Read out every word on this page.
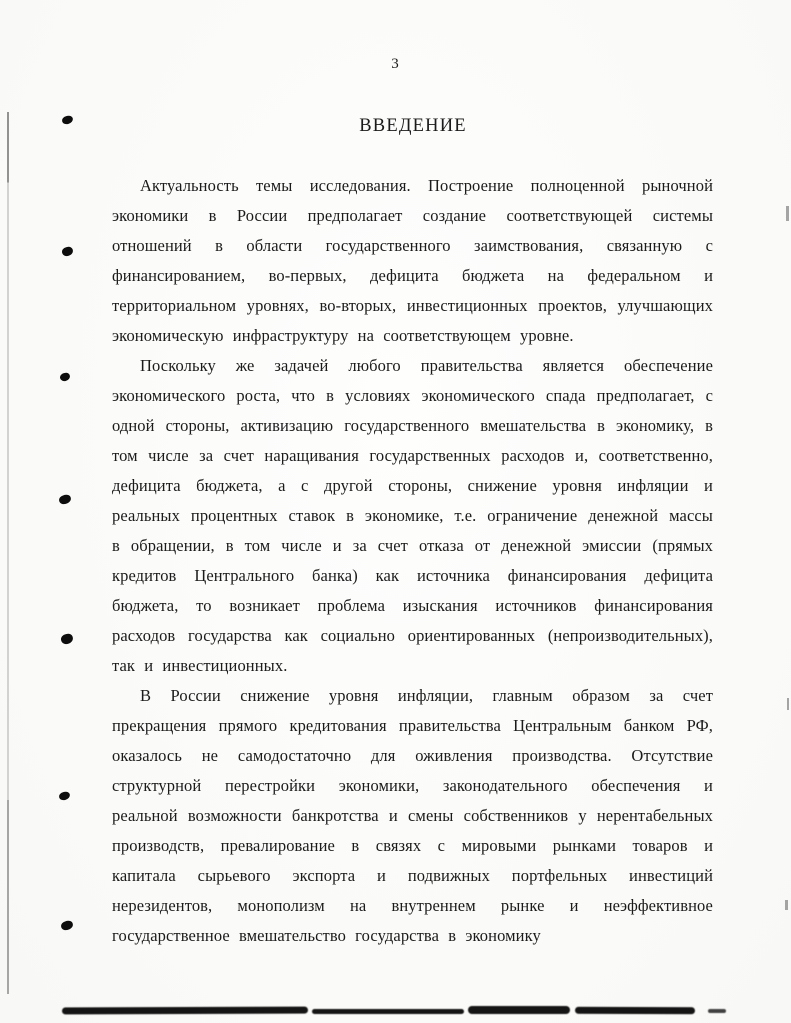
3
ВВЕДЕНИЕ

Актуальность темы исследования. Построение полноценной рыночной экономики в России предполагает создание соответствующей системы отношений в области государственного заимствования, связанную с финансированием, во-первых, дефицита бюджета на федеральном и территориальном уровнях, во-вторых, инвестиционных проектов, улучшающих экономическую инфраструктуру на соответствующем уровне.

Поскольку же задачей любого правительства является обеспечение экономического роста, что в условиях экономического спада предполагает, с одной стороны, активизацию государственного вмешательства в экономику, в том числе за счет наращивания государственных расходов и, соответственно, дефицита бюджета, а с другой стороны, снижение уровня инфляции и реальных процентных ставок в экономике, т.е. ограничение денежной массы в обращении, в том числе и за счет отказа от денежной эмиссии (прямых кредитов Центрального банка) как источника финансирования дефицита бюджета, то возникает проблема изыскания источников финансирования расходов государства как социально ориентированных (непроизводительных), так и инвестиционных.

В России снижение уровня инфляции, главным образом за счет прекращения прямого кредитования правительства Центральным банком РФ, оказалось не самодостаточно для оживления производства. Отсутствие структурной перестройки экономики, законодательного обеспечения и реальной возможности банкротства и смены собственников у нерентабельных производств, превалирование в связях с мировыми рынками товаров и капитала сырьевого экспорта и подвижных портфельных инвестиций нерезидентов, монополизм на внутреннем рынке и неэффективное государственное вмешательство государства в экономику
